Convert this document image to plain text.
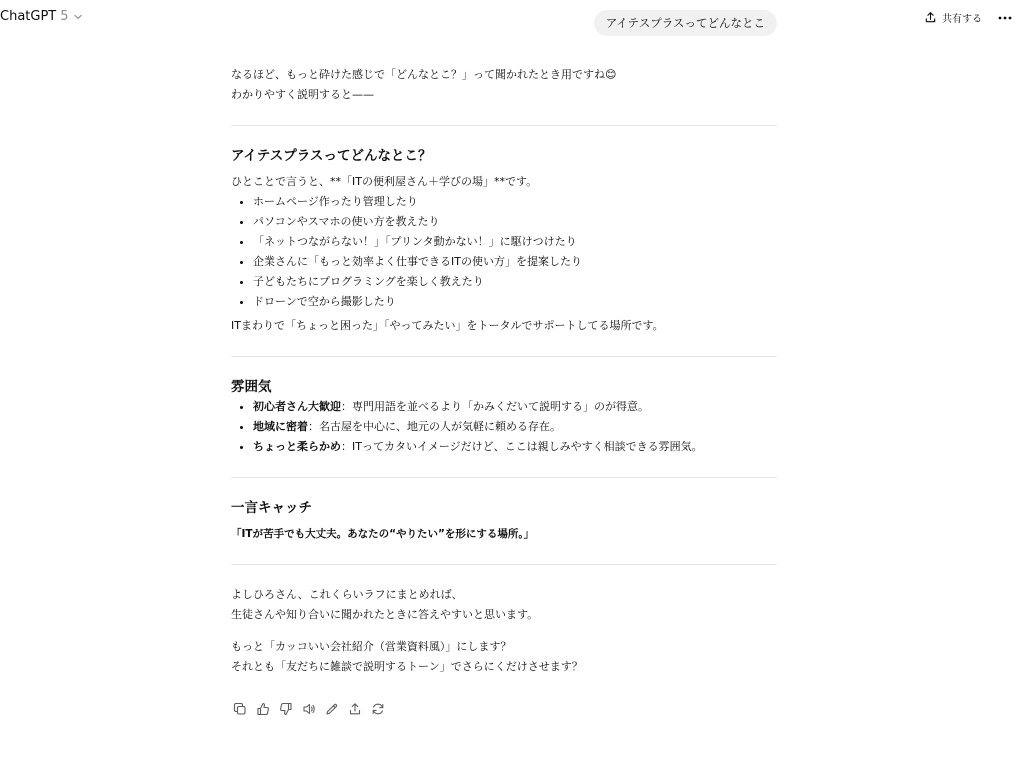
ChatGPT 5	共有する
アイテスプラスってどんなとこ

なるほど、もっと砕けた感じで「どんなとこ？」って聞かれたとき用ですね😊

わかりやすく説明すると——

アイテスプラスってどんなとこ？

ひとことで言うと、**「ITの便利屋さん＋学びの場」**です。

• ホームページ作ったり管理したり
• パソコンやスマホの使い方を教えたり
• 「ネットつながらない！」「プリンタ動かない！」に駆けつけたり
• 企業さんに「もっと効率よく仕事できるITの使い方」を提案したり
• 子どもたちにプログラミングを楽しく教えたり
• ドローンで空から撮影したり

ITまわりで「ちょっと困った」「やってみたい」をトータルでサポートしてる場所です。

雰囲気
• 初心者さん大歓迎：専門用語を並べるより「かみくだいて説明する」のが得意。
• 地域に密着：名古屋を中心に、地元の人が気軽に頼める存在。
• ちょっと柔らかめ：ITってカタいイメージだけど、ここは親しみやすく相談できる雰囲気。
一言キャッチ

「ITが苦手でも大丈夫。あなたの“やりたい”を形にする場所。」

よしひろさん、これくらいラフにまとめれば、

生徒さんや知り合いに聞かれたときに答えやすいと思います。

もっと「カッコいい会社紹介（営業資料風）」にします？

それとも「友だちに雑談で説明するトーン」でさらにくだけさせます？
